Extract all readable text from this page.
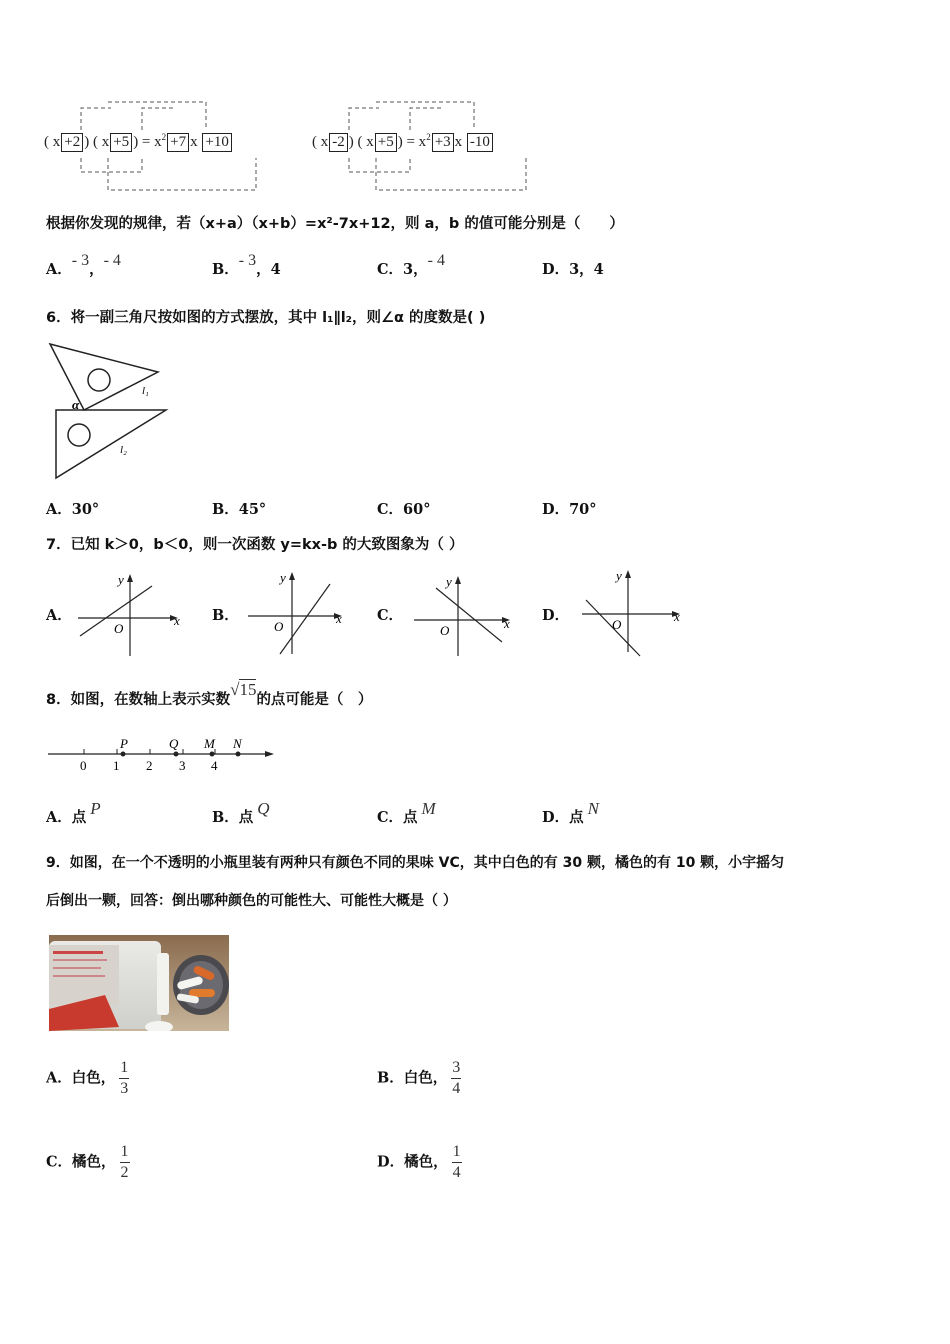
( x +2 ) ( x +5 ) = $x^2 +7$ x +10	( x -2 ) ( x +5 ) = $x^2 +3$ x -10
根据你发现的规律，若（x+a）（x+b）=x²-7x+12，则 a，b 的值可能分别是（　　）
A．- 3，- 4
B．- 3，4	C．3，- 4
D．3，4
6．将一副三角尺按如图的方式摆放，其中 l₁∥l₂，则∠α 的度数是( )
α
l₁
l₂
A．30°	B．45°	C．60°	D．70°
7．已知 k＞0，b＜0，则一次函数 y=kx-b 的大致图象为（ ）
A．	x
y
O
B．	x
y
O
C．	x
y
O
D．	x
y
O
8．如图，在数轴上表示实数√15的点可能是（　）
0 1 2 3 4
P	Q M N
A．点 P	B．点 Q	C．点 M	D．点 N
9．如图，在一个不透明的小瓶里装有两种只有颜色不同的果味 VC，其中白色的有 30 颗，橘色的有 10 颗，小宇摇匀
后倒出一颗，回答：倒出哪种颜色的可能性大、可能性大概是（ ）
A．白色， $\frac{1}{3}$	B．白色， $\frac{3}{4}$
C．橘色， $\frac{1}{2}$	D．橘色， $\frac{1}{4}$
